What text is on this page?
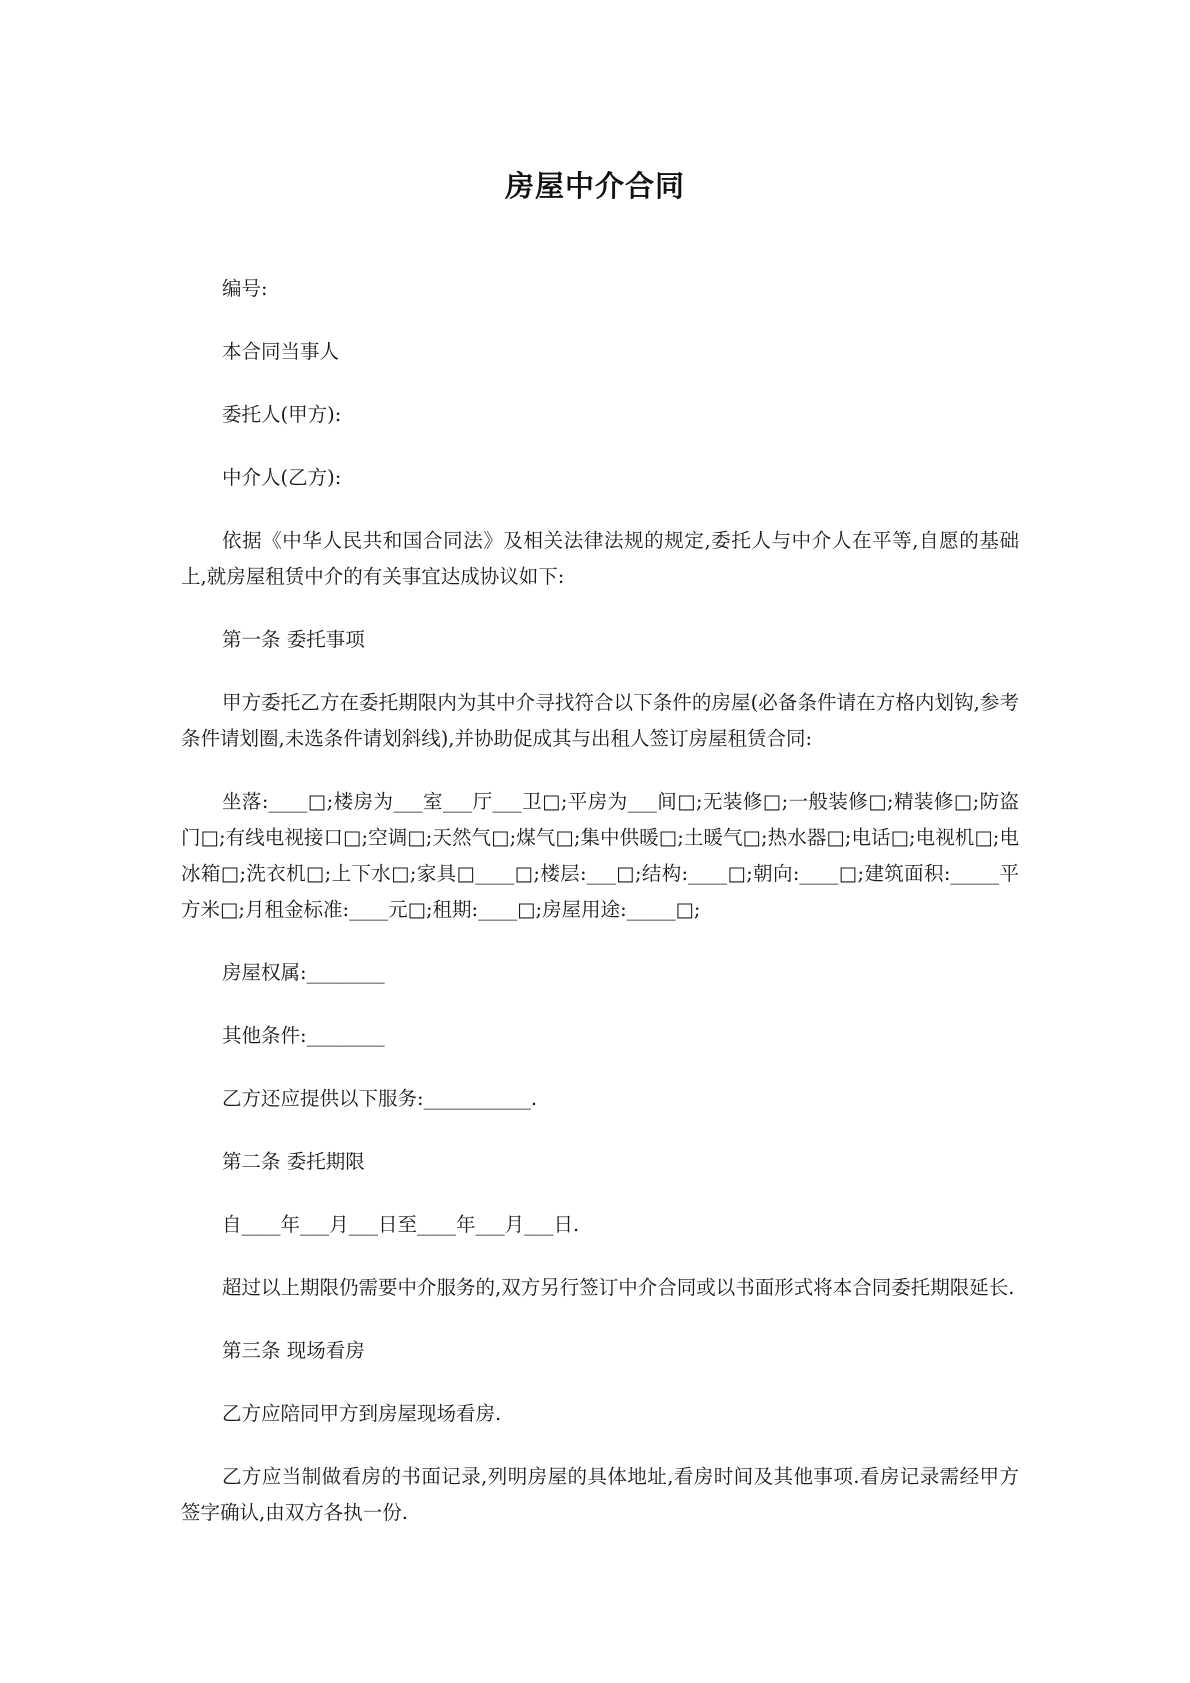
房屋中介合同

编号:

本合同当事人

委托人(甲方):

中介人(乙方):

依据《中华人民共和国合同法》及相关法律法规的规定,委托人与中介人在平等,自愿的基础上,就房屋租赁中介的有关事宜达成协议如下:

第一条 委托事项

甲方委托乙方在委托期限内为其中介寻找符合以下条件的房屋(必备条件请在方格内划钩,参考条件请划圈,未选条件请划斜线),并协助促成其与出租人签订房屋租赁合同:

坐落:____□;楼房为___室___厅___卫□;平房为___间□;无装修□;一般装修□;精装修□;防盗门□;有线电视接口□;空调□;天然气□;煤气□;集中供暖□;土暖气□;热水器□;电话□;电视机□;电冰箱□;洗衣机□;上下水□;家具□____□;楼层:___□;结构:____□;朝向:____□;建筑面积:_____平方米□;月租金标准:____元□;租期:____□;房屋用途:_____□;

房屋权属:________

其他条件:________

乙方还应提供以下服务:___________.

第二条 委托期限

自____年___月___日至____年___月___日.

超过以上期限仍需要中介服务的,双方另行签订中介合同或以书面形式将本合同委托期限延长.

第三条 现场看房

乙方应陪同甲方到房屋现场看房.

乙方应当制做看房的书面记录,列明房屋的具体地址,看房时间及其他事项.看房记录需经甲方签字确认,由双方各执一份.
